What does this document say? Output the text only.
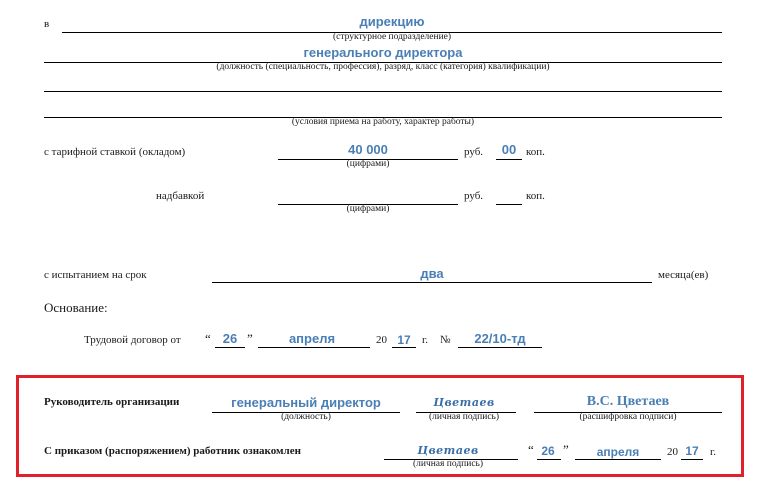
в	дирекцию
(структурное подразделение)
генерального директора
(должность (специальность, профессия), разряд, класс (категория) квалификации)
(условия приема на работу, характер работы)
с тарифной ставкой (окладом)	40 000
(цифрами)
руб. 00 коп.
надбавкой
(цифрами)
руб.	коп.
с испытанием на срок	два	месяца(ев)
Основание:
Трудовой договор от “ 26 ”	апреля	20 17 г. № 22/10-тд
Руководитель организации	генеральный директор
(должность)
Цветаев
(личная подпись)
В.С. Цветаев
(расшифровка подписи)
С приказом (распоряжением) работник ознакомлен	Цветаев
(личная подпись)
“ 26 ” апреля	20 17 г.
